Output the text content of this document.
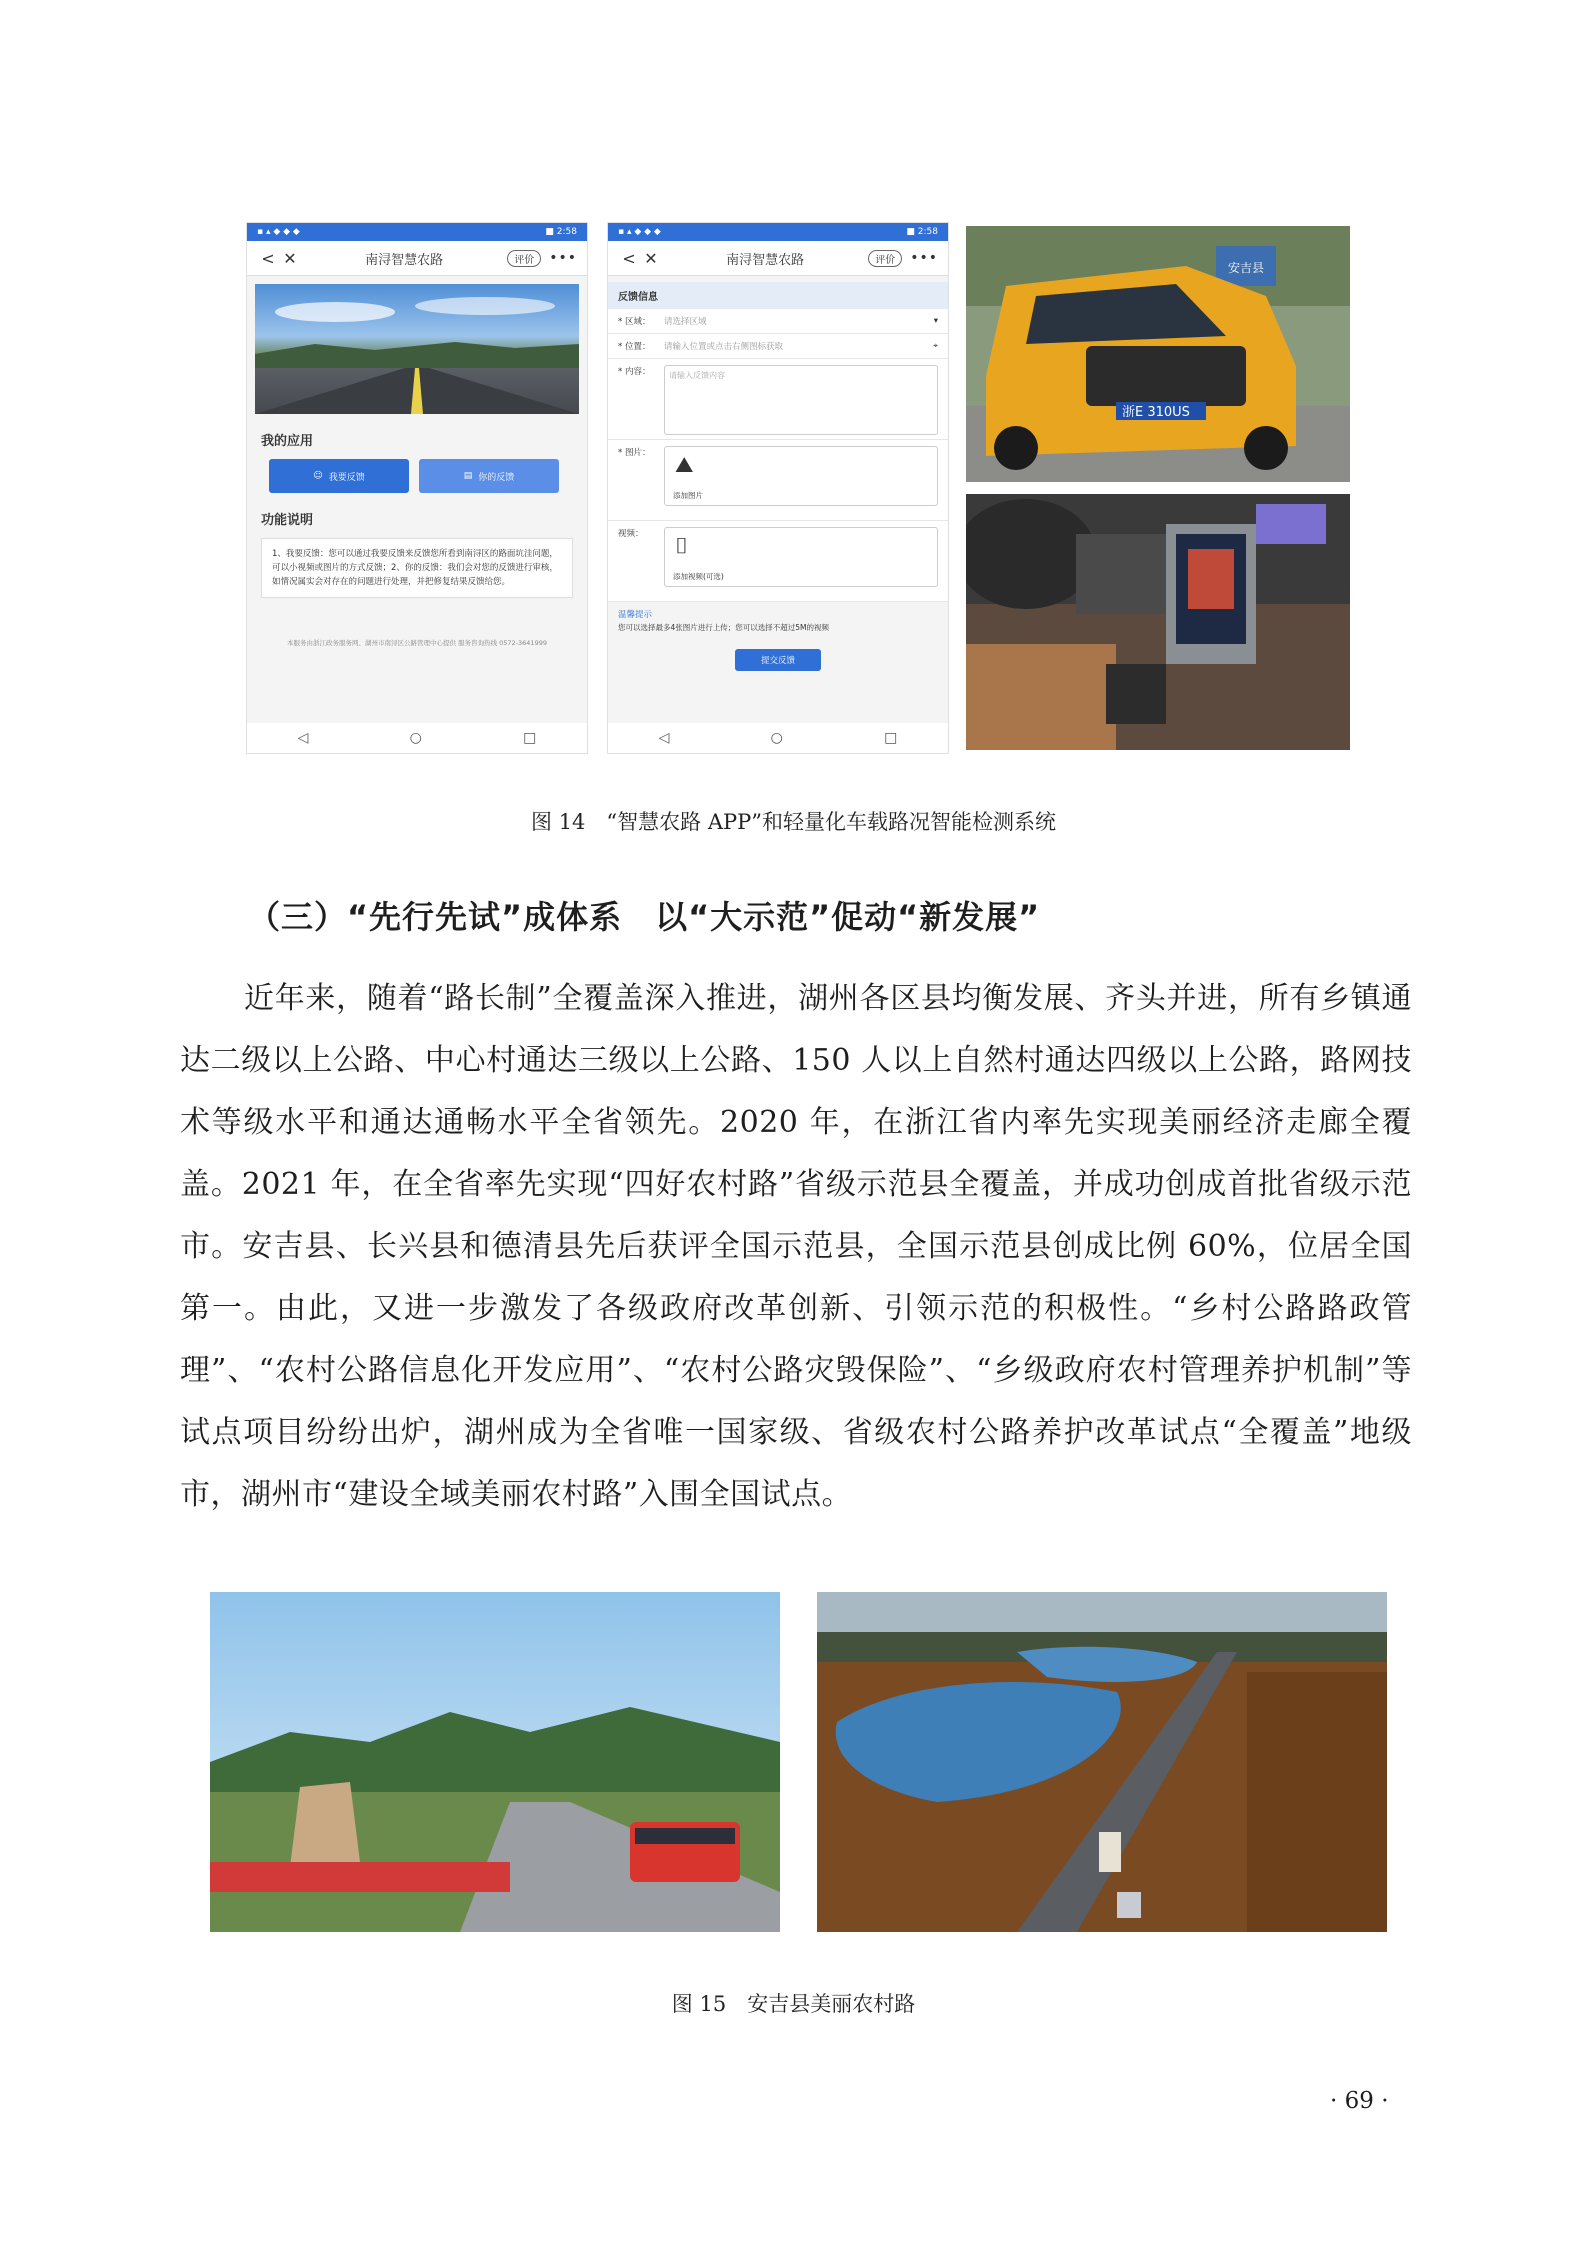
▪︎ ▴ ◆ ◆ ◆	■ 2:58
< ✕	南浔智慧农路	评价	•••
我的应用
☺ 我要反馈	▤ 你的反馈
功能说明
1、我要反馈：您可以通过我要反馈来反馈您所看到南浔区的路面坑洼问题，可以小视频或图片的方式反馈；2、你的反馈：我们会对您的反馈进行审核，如情况属实会对存在的问题进行处理，并把修复结果反馈给您。
本服务由浙江政务服务网、湖州市南浔区公路管理中心提供 服务咨询热线 0572-3641999
◁	○	□
▪︎ ▴ ◆ ◆ ◆	■ 2:58
< ✕	南浔智慧农路	评价	•••
反馈信息
* 区域：	请选择区域	▾
* 位置：	请输入位置或点击右侧图标获取	⌖
* 内容：	请输入反馈内容
* 图片：	⛰
添加图片
视频：	⌷
添加视频(可选)
温馨提示
您可以选择最多4张图片进行上传；您可以选择不超过5M的视频
提交反馈
◁	○	□
安吉县
浙E 310US
图 14　“智慧农路 APP”和轻量化车载路况智能检测系统
（三）“先行先试”成体系　以“大示范”促动“新发展”
近年来，随着“路长制”全覆盖深入推进，湖州各区县均衡发展、齐头并进，所有乡镇通达二级以上公路、中心村通达三级以上公路、150 人以上自然村通达四级以上公路，路网技术等级水平和通达通畅水平全省领先。2020 年，在浙江省内率先实现美丽经济走廊全覆盖。2021 年，在全省率先实现“四好农村路”省级示范县全覆盖，并成功创成首批省级示范市。安吉县、长兴县和德清县先后获评全国示范县，全国示范县创成比例 60%，位居全国第一。由此，又进一步激发了各级政府改革创新、引领示范的积极性。“乡村公路路政管理”、“农村公路信息化开发应用”、“农村公路灾毁保险”、“乡级政府农村管理养护机制”等试点项目纷纷出炉，湖州成为全省唯一国家级、省级农村公路养护改革试点“全覆盖”地级市，湖州市“建设全域美丽农村路”入围全国试点。
图 15　安吉县美丽农村路
· 69 ·
